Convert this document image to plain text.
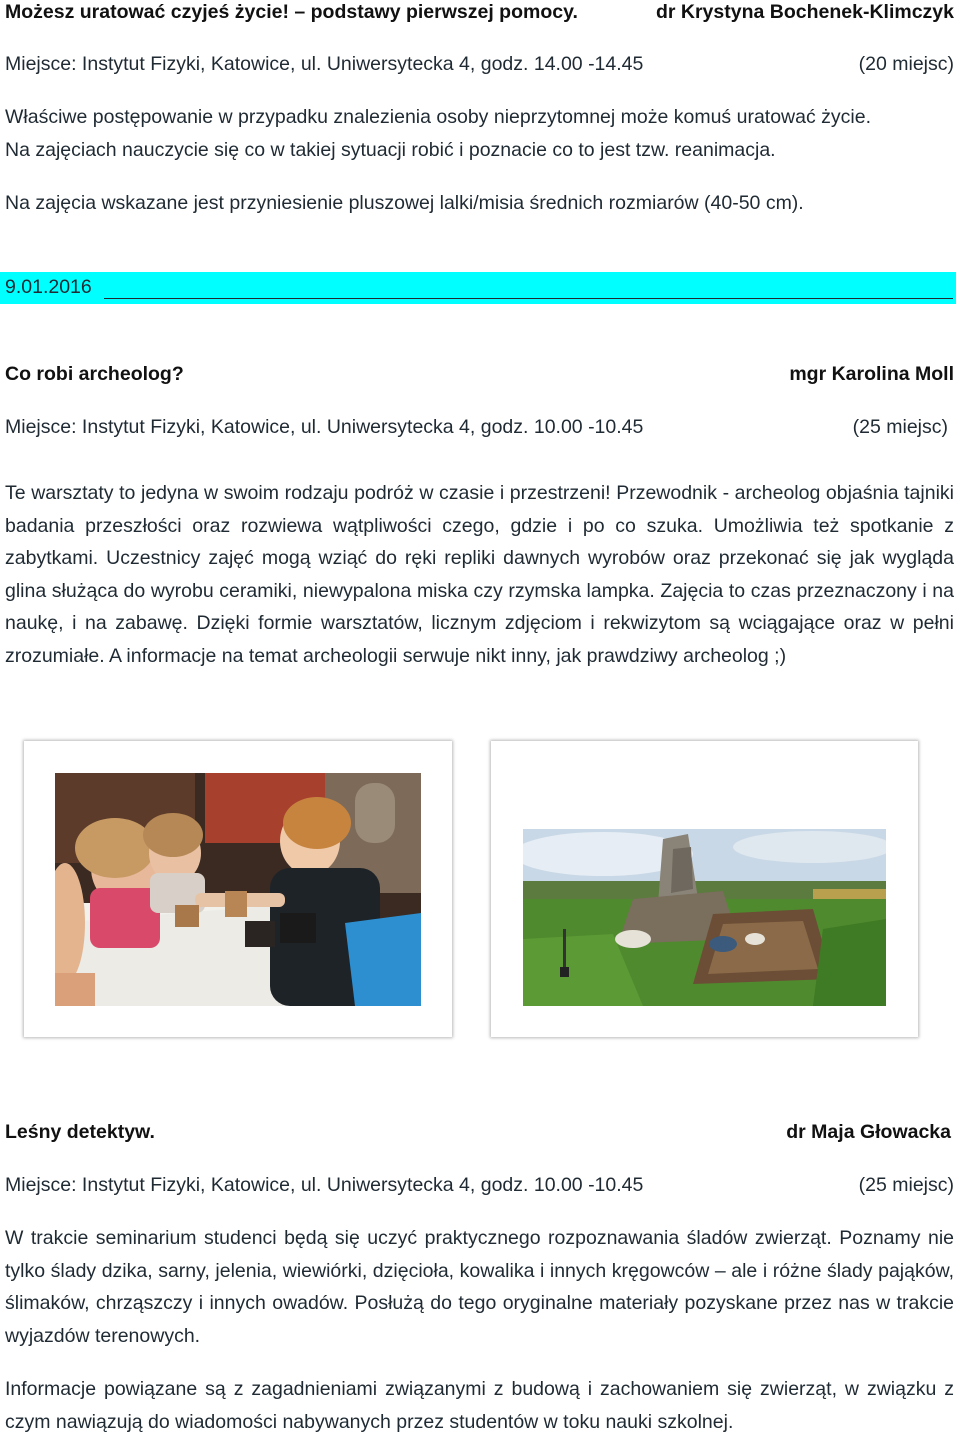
Możesz uratować czyjeś życie! – podstawy pierwszej pomocy.	dr Krystyna Bochenek-Klimczyk
Miejsce: Instytut Fizyki, Katowice, ul. Uniwersytecka 4, godz. 14.00 -14.45	(20 miejsc)
Właściwe postępowanie w przypadku znalezienia osoby nieprzytomnej może komuś uratować życie.
Na zajęciach nauczycie się co w takiej sytuacji robić i poznacie co to jest tzw. reanimacja.
Na zajęcia wskazane jest przyniesienie pluszowej lalki/misia średnich rozmiarów (40-50 cm).
9.01.2016
Co robi archeolog?	mgr Karolina Moll
Miejsce: Instytut Fizyki, Katowice, ul. Uniwersytecka 4, godz. 10.00 -10.45	(25 miejsc)

Te warsztaty to jedyna w swoim rodzaju podróż w czasie i przestrzeni! Przewodnik - archeolog objaśnia tajniki badania przeszłości oraz rozwiewa wątpliwości czego, gdzie i po co szuka. Umożliwia też spotkanie z zabytkami. Uczestnicy zajęć mogą wziąć do ręki repliki dawnych wyrobów oraz przekonać się jak wygląda glina służąca do wyrobu ceramiki, niewypalona miska czy rzymska lampka. Zajęcia to czas przeznaczony i na naukę, i na zabawę. Dzięki formie warsztatów, licznym zdjęciom i rekwizytom są wciągające oraz w pełni zrozumiałe. A informacje na temat archeologii serwuje nikt inny, jak prawdziwy archeolog ;)

Leśny detektyw.	dr Maja Głowacka
Miejsce: Instytut Fizyki, Katowice, ul. Uniwersytecka 4, godz. 10.00 -10.45	(25 miejsc)

W trakcie seminarium studenci będą się uczyć praktycznego rozpoznawania śladów zwierząt. Poznamy nie tylko ślady dzika, sarny, jelenia, wiewiórki, dzięcioła, kowalika i innych kręgowców – ale i różne ślady pająków, ślimaków, chrząszczy i innych owadów. Posłużą do tego oryginalne materiały pozyskane przez nas w trakcie wyjazdów terenowych.

Informacje powiązane są z zagadnieniami związanymi z budową i zachowaniem się zwierząt, w związku z czym nawiązują do wiadomości nabywanych przez studentów w toku nauki szkolnej.
